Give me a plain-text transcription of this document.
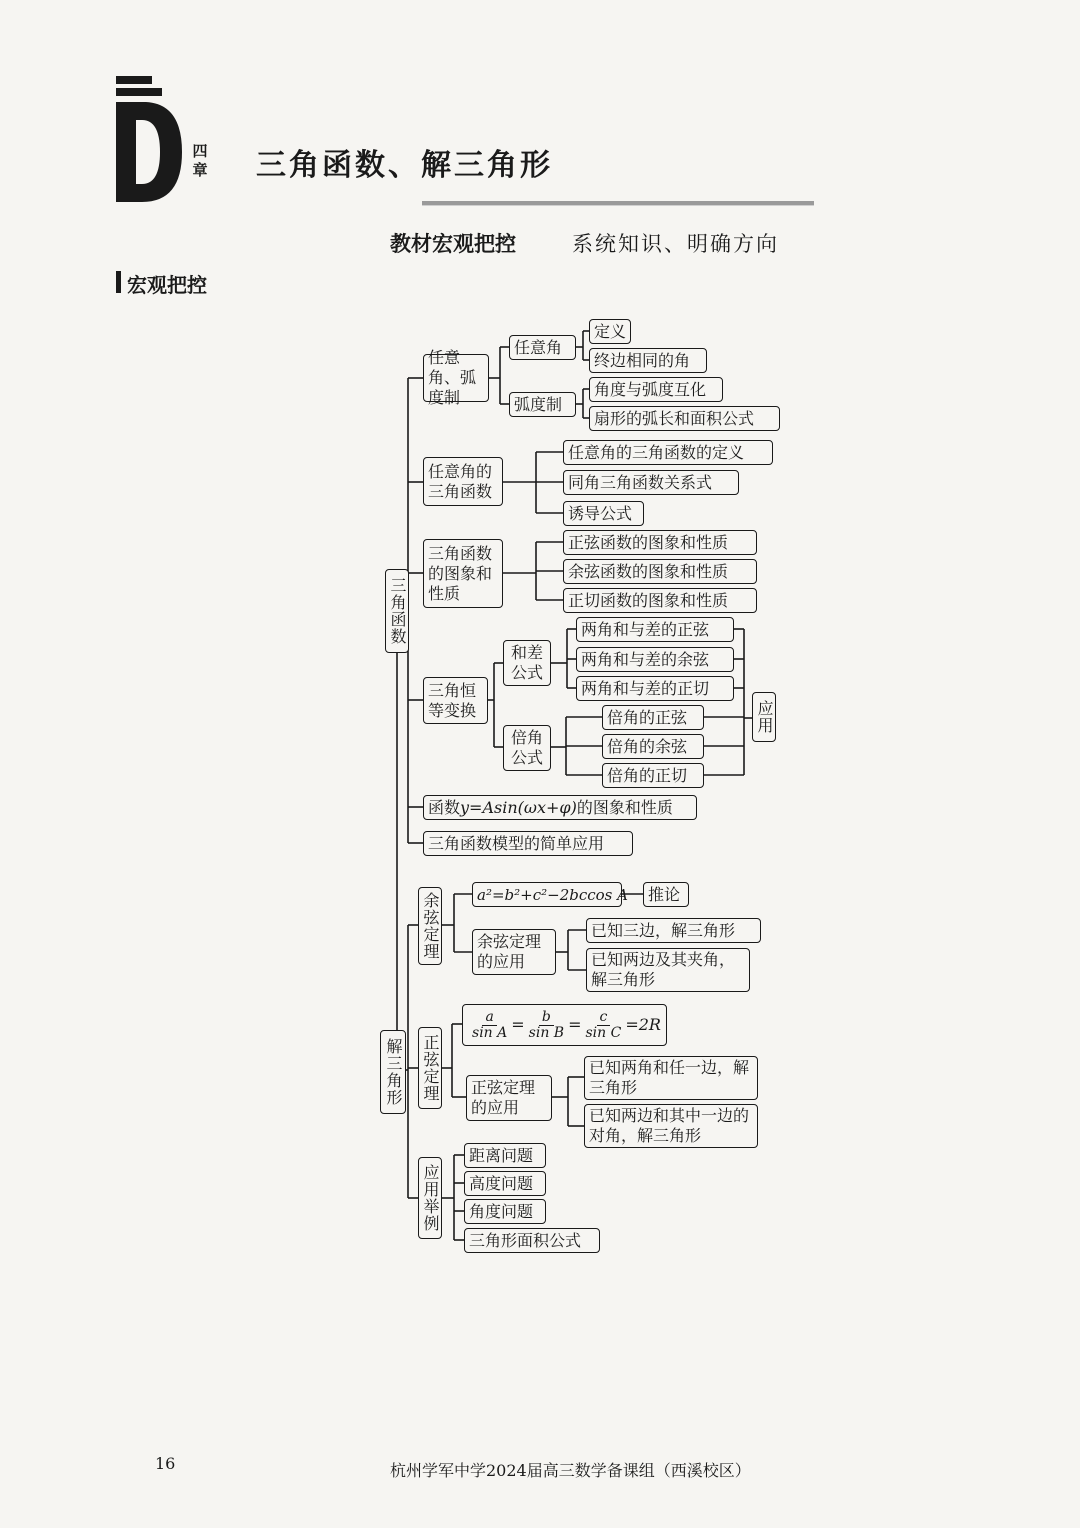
四章 三角函数、解三角形
教材宏观把控	系统知识、明确方向
宏观把控
三角函数
解三角形
任意角、弧度制
任意角
定义
终边相同的角
弧度制
角度与弧度互化
扇形的弧长和面积公式
任意角的三角函数
任意角的三角函数的定义
同角三角函数关系式
诱导公式
三角函数的图象和性质
正弦函数的图象和性质
余弦函数的图象和性质
正切函数的图象和性质
三角恒等变换
和差公式
两角和与差的正弦
两角和与差的余弦
两角和与差的正切
倍角公式
倍角的正弦
倍角的余弦
倍角的正切
应用
函数 y=Asin(ωx+φ) 的图象和性质
三角函数模型的简单应用
余弦定理	a²=b²+c²−2bccos A	推论
余弦定理的应用
已知三边，解三角形
已知两边及其夹角，解三角形
正弦定理
$\frac{a}{\text{sin A}} = \frac{b}{\text{sin B}} = \frac{c}{\text{sin C}} =2R$
正弦定理的应用
已知两角和任一边，解三角形
已知两边和其中一边的对角，解三角形
应用举例
距离问题
高度问题
角度问题
三角形面积公式
16	杭州学军中学2024届高三数学备课组（西溪校区）
